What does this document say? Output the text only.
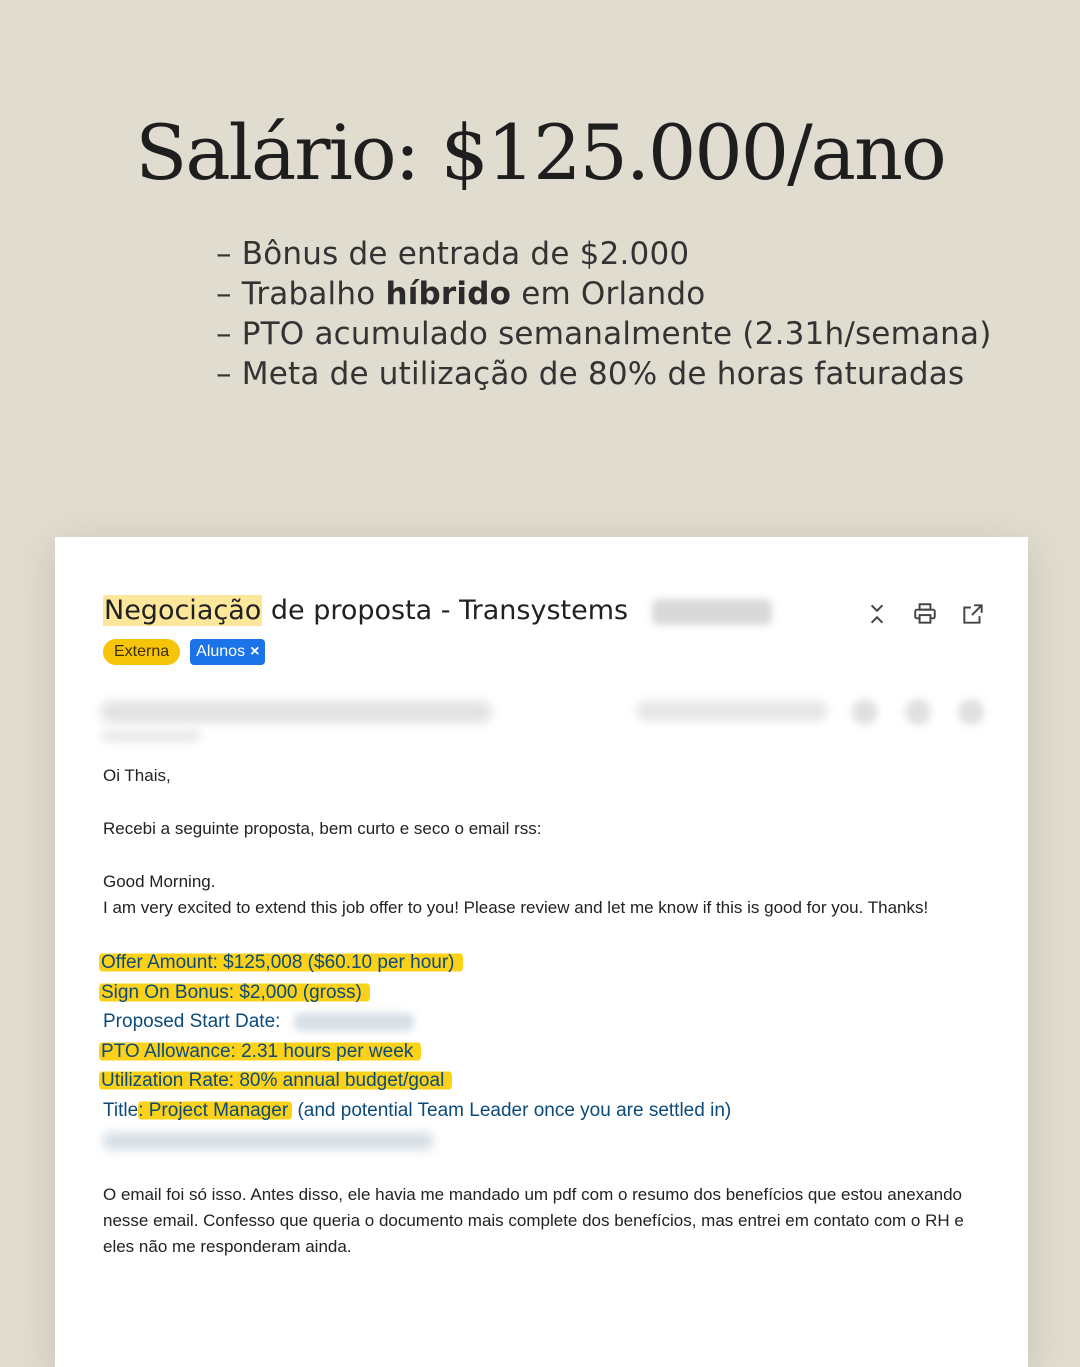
Salário: $125.000/ano
– Bônus de entrada de $2.000
– Trabalho híbrido em Orlando
– PTO acumulado semanalmente (2.31h/semana)
– Meta de utilização de 80% de horas faturadas
Negociação de proposta - Transystems
Externa	Alunos ×

Oi Thais,

Recebi a seguinte proposta, bem curto e seco o email rss:

Good Morning.

I am very excited to extend this job offer to you! Please review and let me know if this is good for you. Thanks!

Offer Amount: $125,008 ($60.10 per hour)

Sign On Bonus: $2,000 (gross)

Proposed Start Date:

PTO Allowance: 2.31 hours per week

Utilization Rate: 80% annual budget/goal

Title: Project Manager (and potential Team Leader once you are settled in)

O email foi só isso. Antes disso, ele havia me mandado um pdf com o resumo dos benefícios que estou anexando nesse email. Confesso que queria o documento mais complete dos benefícios, mas entrei em contato com o RH e eles não me responderam ainda.
